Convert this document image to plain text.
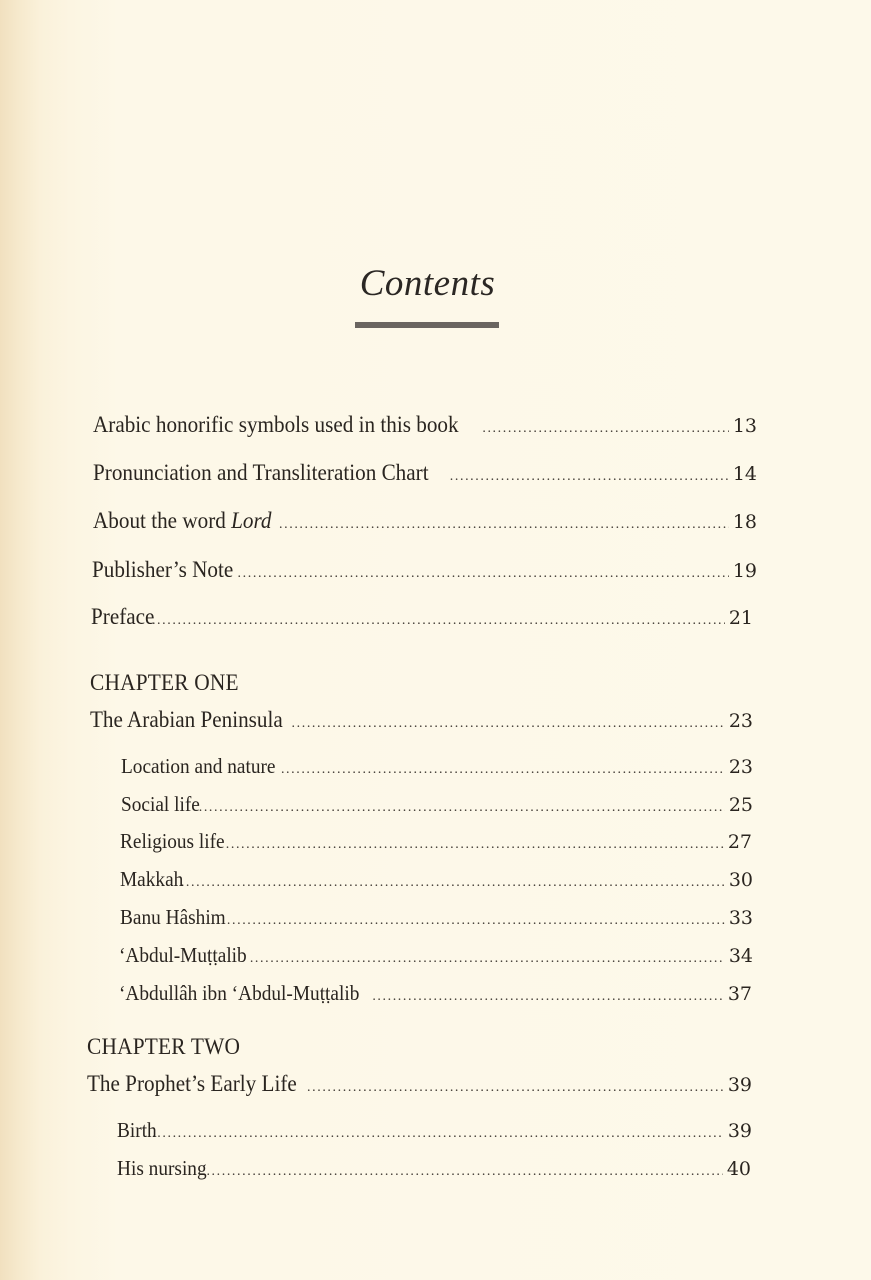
Contents
Arabic honorific symbols used in this book .....	13
Pronunciation and Transliteration Chart .....	14
About the word Lord .....	18
Publisher’s Note .....	19
Preface .....	21
CHAPTER ONE
The Arabian Peninsula .....	23
Location and nature .....	23
Social life .....	25
Religious life .....	27
Makkah .....	30
Banu Hâshim .....	33
‘Abdul-Muṭṭalib .....	34
‘Abdullâh ibn ‘Abdul-Muṭṭalib .....	37
CHAPTER TWO
The Prophet’s Early Life .....	39
Birth .....	39
His nursing .....	40
